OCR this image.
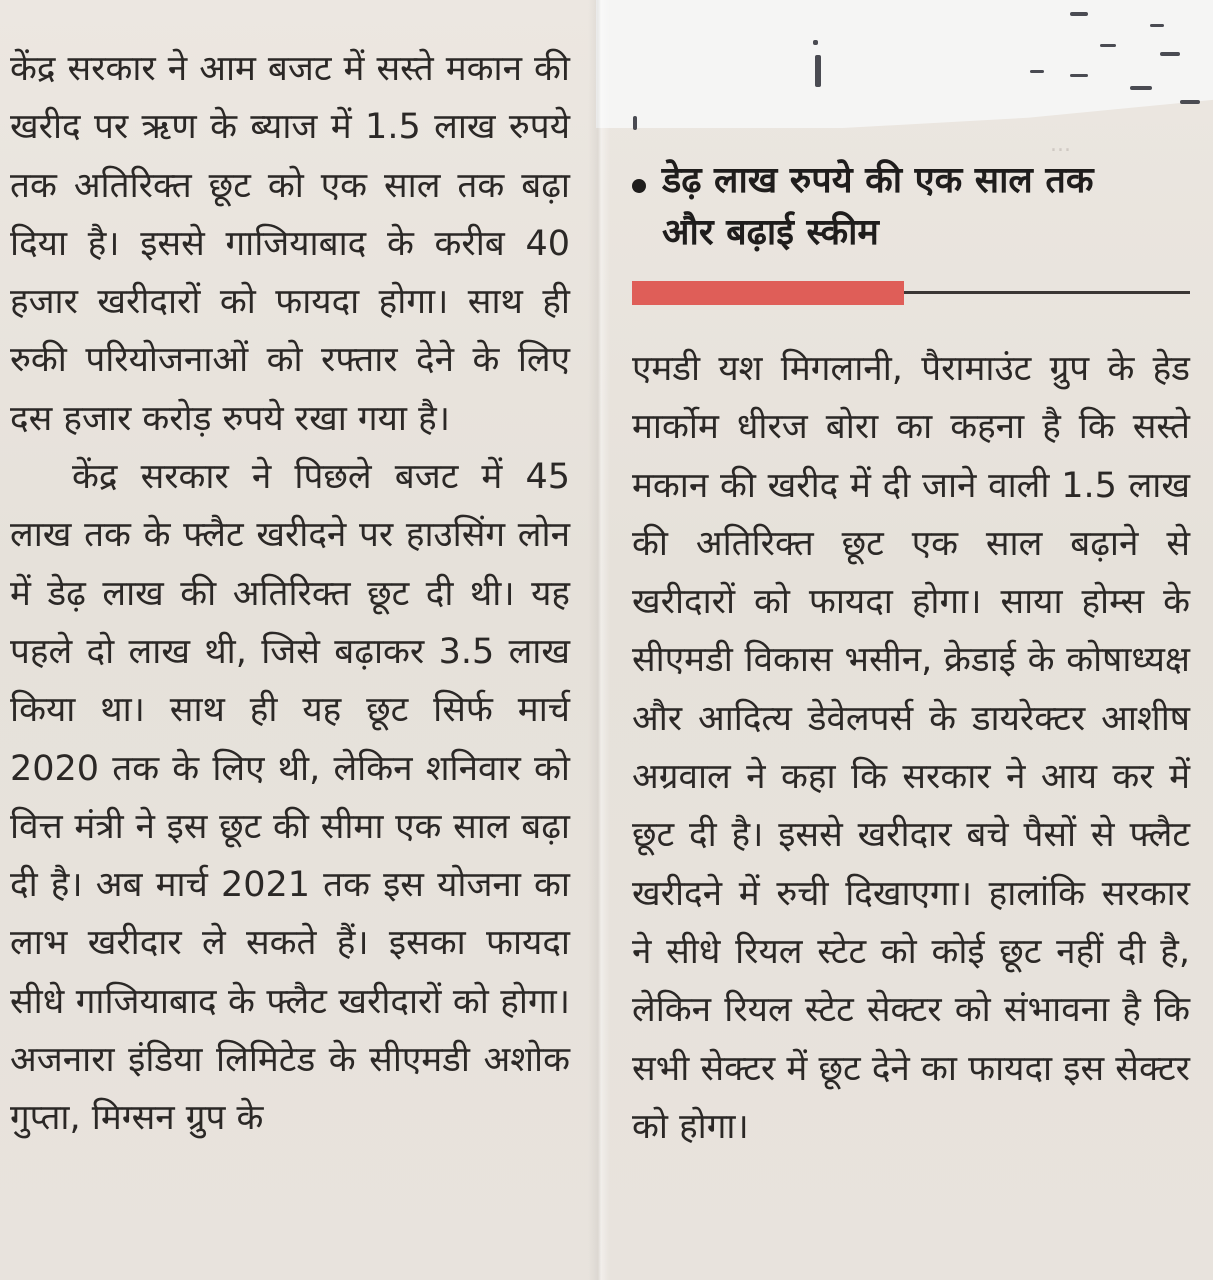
...

केंद्र सरकार ने आम बजट में सस्ते मकान की खरीद पर ऋण के ब्याज में 1.5 लाख रुपये तक अतिरिक्त छूट को एक साल तक बढ़ा दिया है। इससे गाजियाबाद के करीब 40 हजार खरीदारों को फायदा होगा। साथ ही रुकी परियोजनाओं को रफ्तार देने के लिए दस हजार करोड़ रुपये रखा गया है।

केंद्र सरकार ने पिछले बजट में 45 लाख तक के फ्लैट खरीदने पर हाउसिंग लोन में डेढ़ लाख की अतिरिक्त छूट दी थी। यह पहले दो लाख थी, जिसे बढ़ाकर 3.5 लाख किया था। साथ ही यह छूट सिर्फ मार्च 2020 तक के लिए थी, लेकिन शनिवार को वित्त मंत्री ने इस छूट की सीमा एक साल बढ़ा दी है। अब मार्च 2021 तक इस योजना का लाभ खरीदार ले सकते हैं। इसका फायदा सीधे गाजियाबाद के फ्लैट खरीदारों को होगा। अजनारा इंडिया लिमिटेड के सीएमडी अशोक गुप्ता, मिग्सन ग्रुप के

डेढ़ लाख रुपये की एक साल तक और बढ़ाई स्कीम

एमडी यश मिगलानी, पैरामाउंट ग्रुप के हेड मार्कोम धीरज बोरा का कहना है कि सस्ते मकान की खरीद में दी जाने वाली 1.5 लाख की अतिरिक्त छूट एक साल बढ़ाने से खरीदारों को फायदा होगा। साया होम्स के सीएमडी विकास भसीन, क्रेडाई के कोषाध्यक्ष और आदित्य डेवेलपर्स के डायरेक्टर आशीष अग्रवाल ने कहा कि सरकार ने आय कर में छूट दी है। इससे खरीदार बचे पैसों से फ्लैट खरीदने में रुची दिखाएगा। हालांकि सरकार ने सीधे रियल स्टेट को कोई छूट नहीं दी है, लेकिन रियल स्टेट सेक्टर को संभावना है कि सभी सेक्टर में छूट देने का फायदा इस सेक्टर को होगा।
